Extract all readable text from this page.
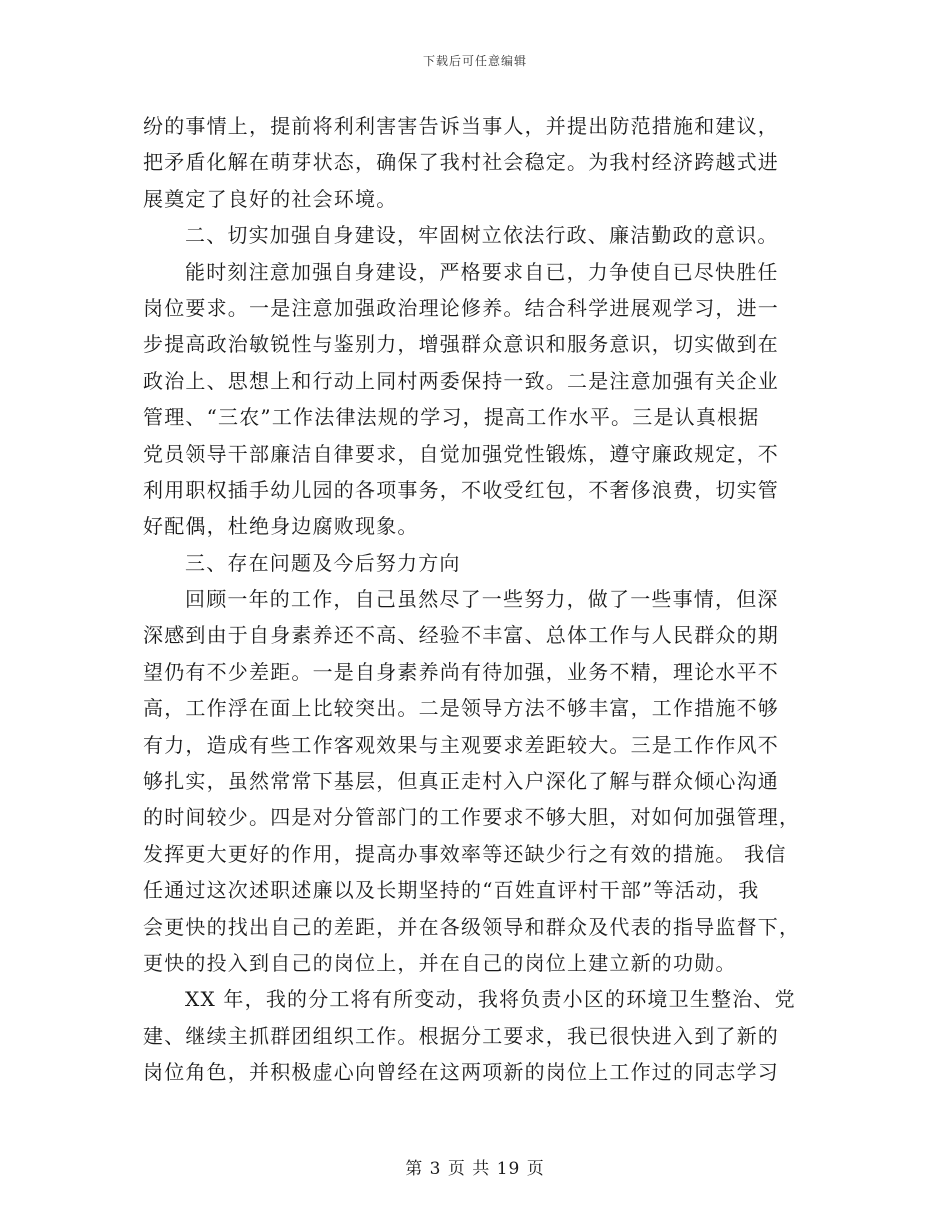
下载后可任意编辑
纷的事情上，提前将利利害害告诉当事人，并提出防范措施和建议，
把矛盾化解在萌芽状态，确保了我村社会稳定。为我村经济跨越式进
展奠定了良好的社会环境。
二、切实加强自身建设，牢固树立依法行政、廉洁勤政的意识。
能时刻注意加强自身建设，严格要求自已，力争使自已尽快胜任
岗位要求。一是注意加强政治理论修养。结合科学进展观学习，进一
步提高政治敏锐性与鉴别力，增强群众意识和服务意识，切实做到在
政治上、思想上和行动上同村两委保持一致。二是注意加强有关企业
管理、“三农”工作法律法规的学习，提高工作水平。三是认真根据
党员领导干部廉洁自律要求，自觉加强党性锻炼，遵守廉政规定，不
利用职权插手幼儿园的各项事务，不收受红包，不奢侈浪费，切实管
好配偶，杜绝身边腐败现象。
三、存在问题及今后努力方向
回顾一年的工作，自己虽然尽了一些努力，做了一些事情，但深
深感到由于自身素养还不高、经验不丰富、总体工作与人民群众的期
望仍有不少差距。一是自身素养尚有待加强，业务不精，理论水平不
高，工作浮在面上比较突出。二是领导方法不够丰富，工作措施不够
有力，造成有些工作客观效果与主观要求差距较大。三是工作作风不
够扎实，虽然常常下基层，但真正走村入户深化了解与群众倾心沟通
的时间较少。四是对分管部门的工作要求不够大胆，对如何加强管理，
发挥更大更好的作用，提高办事效率等还缺少行之有效的措施。 我信
任通过这次述职述廉以及长期坚持的“百姓直评村干部”等活动，我
会更快的找出自己的差距，并在各级领导和群众及代表的指导监督下，
更快的投入到自己的岗位上，并在自己的岗位上建立新的功勋。
XX 年，我的分工将有所变动，我将负责小区的环境卫生整治、党
建、继续主抓群团组织工作。根据分工要求，我已很快进入到了新的
岗位角色，并积极虚心向曾经在这两项新的岗位上工作过的同志学习
第 3 页 共 19 页
